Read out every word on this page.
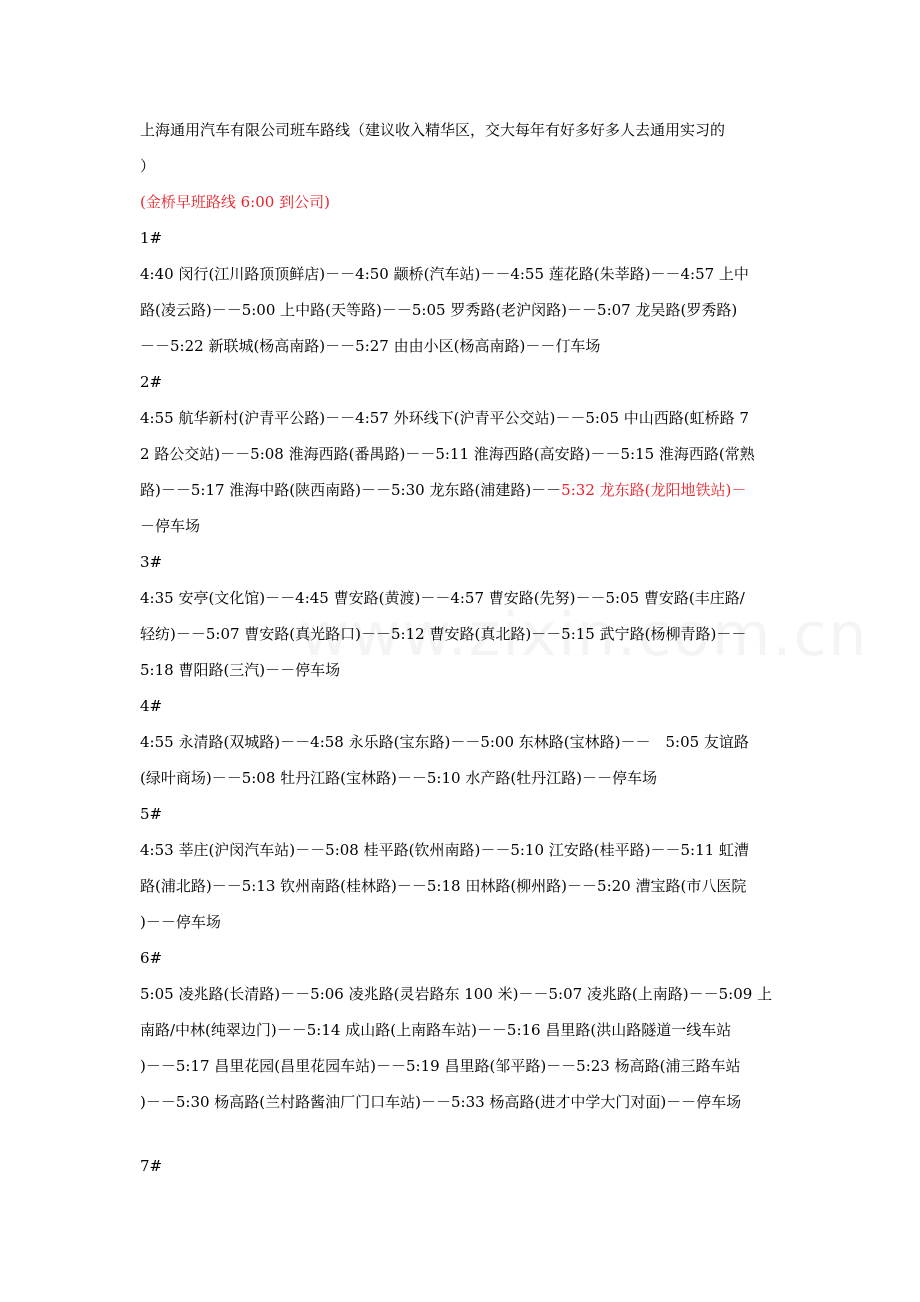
上海通用汽车有限公司班车路线（建议收入精华区，交大每年有好多好多人去通用实习的
）
(金桥早班路线 6:00 到公司)
1#
4:40 闵行(江川路顶顶鲜店)－－4:50 颛桥(汽车站)－－4:55 莲花路(朱莘路)－－4:57 上中
路(凌云路)－－5:00 上中路(天等路)－－5:05 罗秀路(老沪闵路)－－5:07 龙吴路(罗秀路)
－－5:22 新联城(杨高南路)－－5:27 由由小区(杨高南路)－－仃车场
2#
4:55 航华新村(沪青平公路)－－4:57 外环线下(沪青平公交站)－－5:05 中山西路(虹桥路 7
2 路公交站)－－5:08 淮海西路(番禺路)－－5:11 淮海西路(高安路)－－5:15 淮海西路(常熟
路)－－5:17 淮海中路(陕西南路)－－5:30 龙东路(浦建路)－－5:32 龙东路(龙阳地铁站)－
－停车场
3#
4:35 安亭(文化馆)－－4:45 曹安路(黄渡)－－4:57 曹安路(先努)－－5:05 曹安路(丰庄路/
轻纺)－－5:07 曹安路(真光路口)－－5:12 曹安路(真北路)－－5:15 武宁路(杨柳青路)－－
5:18 曹阳路(三汽)－－停车场
4#
4:55 永清路(双城路)－－4:58 永乐路(宝东路)－－5:00 东林路(宝林路)－－　5:05 友谊路
(绿叶商场)－－5:08 牡丹江路(宝林路)－－5:10 水产路(牡丹江路)－－停车场
5#
4:53 莘庄(沪闵汽车站)－－5:08 桂平路(钦州南路)－－5:10 江安路(桂平路)－－5:11 虹漕
路(浦北路)－－5:13 钦州南路(桂林路)－－5:18 田林路(柳州路)－－5:20 漕宝路(市八医院
)－－停车场
6#
5:05 凌兆路(长清路)－－5:06 凌兆路(灵岩路东 100 米)－－5:07 凌兆路(上南路)－－5:09 上
南路/中林(纯翠边门)－－5:14 成山路(上南路车站)－－5:16 昌里路(洪山路隧道一线车站
)－－5:17 昌里花园(昌里花园车站)－－5:19 昌里路(邹平路)－－5:23 杨高路(浦三路车站
)－－5:30 杨高路(兰村路酱油厂门口车站)－－5:33 杨高路(进才中学大门对面)－－停车场
7#
